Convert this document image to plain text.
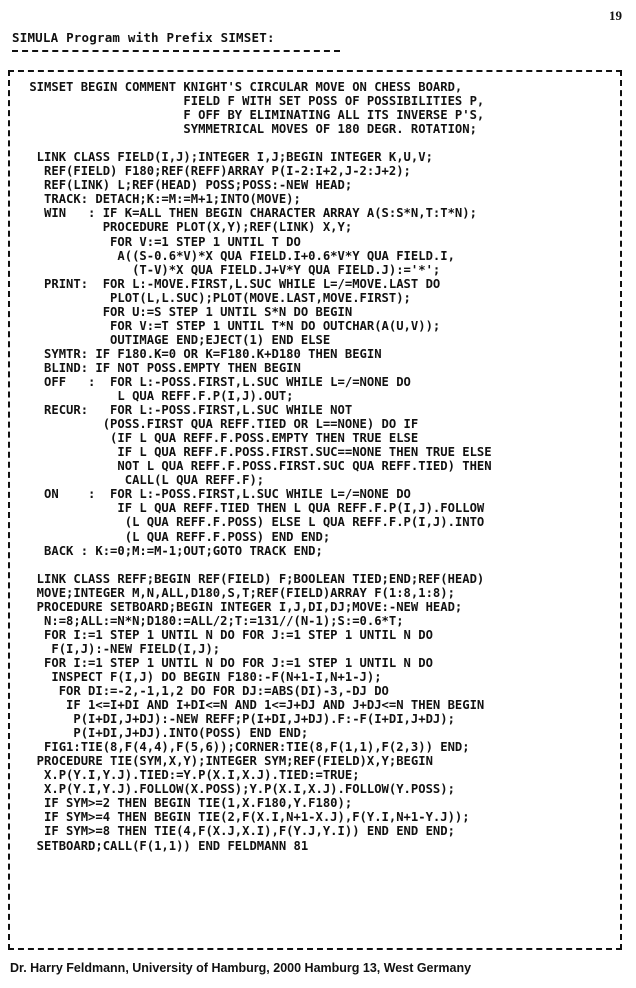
19
SIMULA Program with Prefix SIMSET:
SIMSET BEGIN COMMENT KNIGHT'S CIRCULAR MOVE ON CHESS BOARD,
FIELD F WITH SET POSS OF POSSIBILITIES P,
F OFF BY ELIMINATING ALL ITS INVERSE P'S,
SYMMETRICAL MOVES OF 180 DEGR. ROTATION;

LINK CLASS FIELD(I,J);INTEGER I,J;BEGIN INTEGER K,U,V;
REF(FIELD) F180;REF(REFF)ARRAY P(I-2:I+2,J-2:J+2);
REF(LINK) L;REF(HEAD) POSS;POSS:-NEW HEAD;
TRACK: DETACH;K:=M:=M+1;INTO(MOVE);
WIN   : IF K=ALL THEN BEGIN CHARACTER ARRAY A(S:S*N,T:T*N);
PROCEDURE PLOT(X,Y);REF(LINK) X,Y;
FOR V:=1 STEP 1 UNTIL T DO
A((S-0.6*V)*X QUA FIELD.I+0.6*V*Y QUA FIELD.I,
(T-V)*X QUA FIELD.J+V*Y QUA FIELD.J):='*';
PRINT:  FOR L:-MOVE.FIRST,L.SUC WHILE L=/=MOVE.LAST DO
PLOT(L,L.SUC);PLOT(MOVE.LAST,MOVE.FIRST);
FOR U:=S STEP 1 UNTIL S*N DO BEGIN
FOR V:=T STEP 1 UNTIL T*N DO OUTCHAR(A(U,V));
OUTIMAGE END;EJECT(1) END ELSE
SYMTR: IF F180.K=0 OR K=F180.K+D180 THEN BEGIN
BLIND: IF NOT POSS.EMPTY THEN BEGIN
OFF   :  FOR L:-POSS.FIRST,L.SUC WHILE L=/=NONE DO
L QUA REFF.F.P(I,J).OUT;
RECUR:   FOR L:-POSS.FIRST,L.SUC WHILE NOT
(POSS.FIRST QUA REFF.TIED OR L==NONE) DO IF
(IF L QUA REFF.F.POSS.EMPTY THEN TRUE ELSE
IF L QUA REFF.F.POSS.FIRST.SUC==NONE THEN TRUE ELSE
NOT L QUA REFF.F.POSS.FIRST.SUC QUA REFF.TIED) THEN
CALL(L QUA REFF.F);
ON    :  FOR L:-POSS.FIRST,L.SUC WHILE L=/=NONE DO
IF L QUA REFF.TIED THEN L QUA REFF.F.P(I,J).FOLLOW
(L QUA REFF.F.POSS) ELSE L QUA REFF.F.P(I,J).INTO
(L QUA REFF.F.POSS) END END;
BACK : K:=0;M:=M-1;OUT;GOTO TRACK END;

LINK CLASS REFF;BEGIN REF(FIELD) F;BOOLEAN TIED;END;REF(HEAD)
MOVE;INTEGER M,N,ALL,D180,S,T;REF(FIELD)ARRAY F(1:8,1:8);
PROCEDURE SETBOARD;BEGIN INTEGER I,J,DI,DJ;MOVE:-NEW HEAD;
N:=8;ALL:=N*N;D180:=ALL/2;T:=131//(N-1);S:=0.6*T;
FOR I:=1 STEP 1 UNTIL N DO FOR J:=1 STEP 1 UNTIL N DO
F(I,J):-NEW FIELD(I,J);
FOR I:=1 STEP 1 UNTIL N DO FOR J:=1 STEP 1 UNTIL N DO
INSPECT F(I,J) DO BEGIN F180:-F(N+1-I,N+1-J);
FOR DI:=-2,-1,1,2 DO FOR DJ:=ABS(DI)-3,-DJ DO
IF 1<=I+DI AND I+DI<=N AND 1<=J+DJ AND J+DJ<=N THEN BEGIN
P(I+DI,J+DJ):-NEW REFF;P(I+DI,J+DJ).F:-F(I+DI,J+DJ);
P(I+DI,J+DJ).INTO(POSS) END END;
FIG1:TIE(8,F(4,4),F(5,6));CORNER:TIE(8,F(1,1),F(2,3)) END;
PROCEDURE TIE(SYM,X,Y);INTEGER SYM;REF(FIELD)X,Y;BEGIN
X.P(Y.I,Y.J).TIED:=Y.P(X.I,X.J).TIED:=TRUE;
X.P(Y.I,Y.J).FOLLOW(X.POSS);Y.P(X.I,X.J).FOLLOW(Y.POSS);
IF SYM>=2 THEN BEGIN TIE(1,X.F180,Y.F180);
IF SYM>=4 THEN BEGIN TIE(2,F(X.I,N+1-X.J),F(Y.I,N+1-Y.J));
IF SYM>=8 THEN TIE(4,F(X.J,X.I),F(Y.J,Y.I)) END END END;
SETBOARD;CALL(F(1,1)) END FELDMANN 81
Dr. Harry Feldmann, University of Hamburg, 2000 Hamburg 13, West Germany
